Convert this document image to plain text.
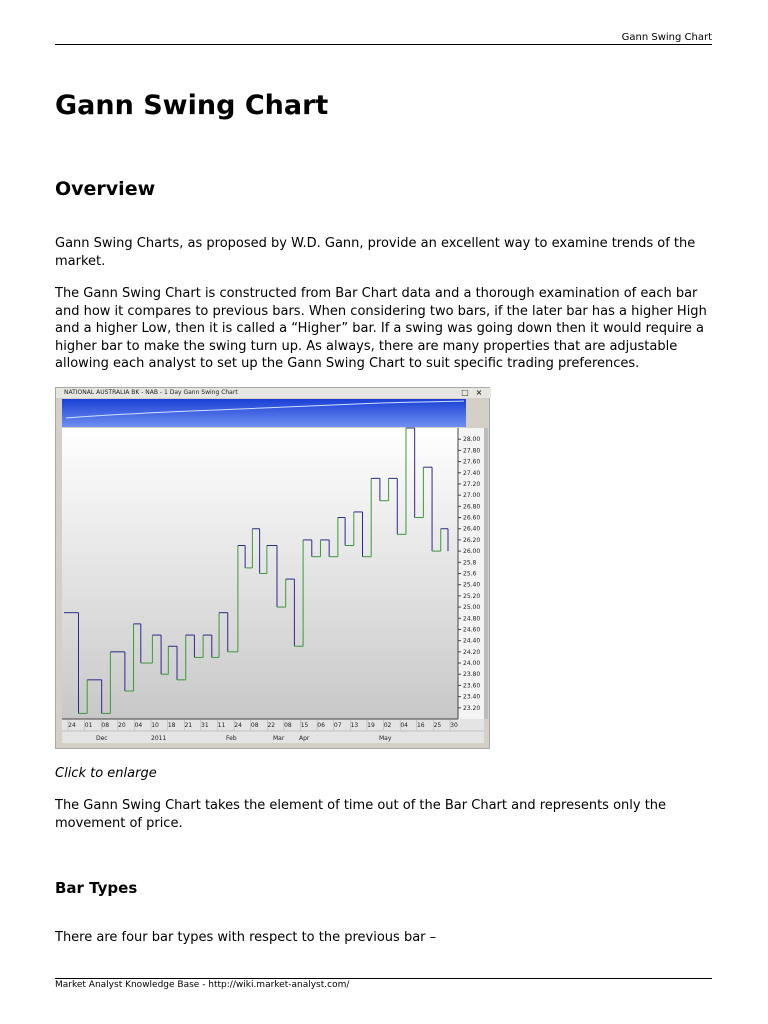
Gann Swing Chart
Gann Swing Chart
Overview

Gann Swing Charts, as proposed by W.D. Gann, provide an excellent way to examine trends of the market.

The Gann Swing Chart is constructed from Bar Chart data and a thorough examination of each bar and how it compares to previous bars. When considering two bars, if the later bar has a higher High and a higher Low, then it is called a “Higher” bar. If a swing was going down then it would require a higher bar to make the swing turn up. As always, there are many properties that are adjustable allowing each analyst to set up the Gann Swing Chart to suit specific trading preferences.

28.00
27.80
27.60
27.40
27.20
27.00
26.80
26.60
26.40
26.20
26.00
25.8
25.6
25.40
25.20
25.00
24.80
24.60
24.40
24.20
24.00
23.80
23.60
23.40
23.20
24 01 08 20 04 10 18 21 31 11 24 08 22 08 15 06 07 13 19 02 04 16 25 30
Dec	2011	Feb	Mar Apr	May
NATIONAL AUSTRALIA BK - NAB - 1 Day Gann Swing Chart	□ ×

Click to enlarge

The Gann Swing Chart takes the element of time out of the Bar Chart and represents only the movement of price.

Bar Types

There are four bar types with respect to the previous bar –

Market Analyst Knowledge Base - http://wiki.market-analyst.com/
